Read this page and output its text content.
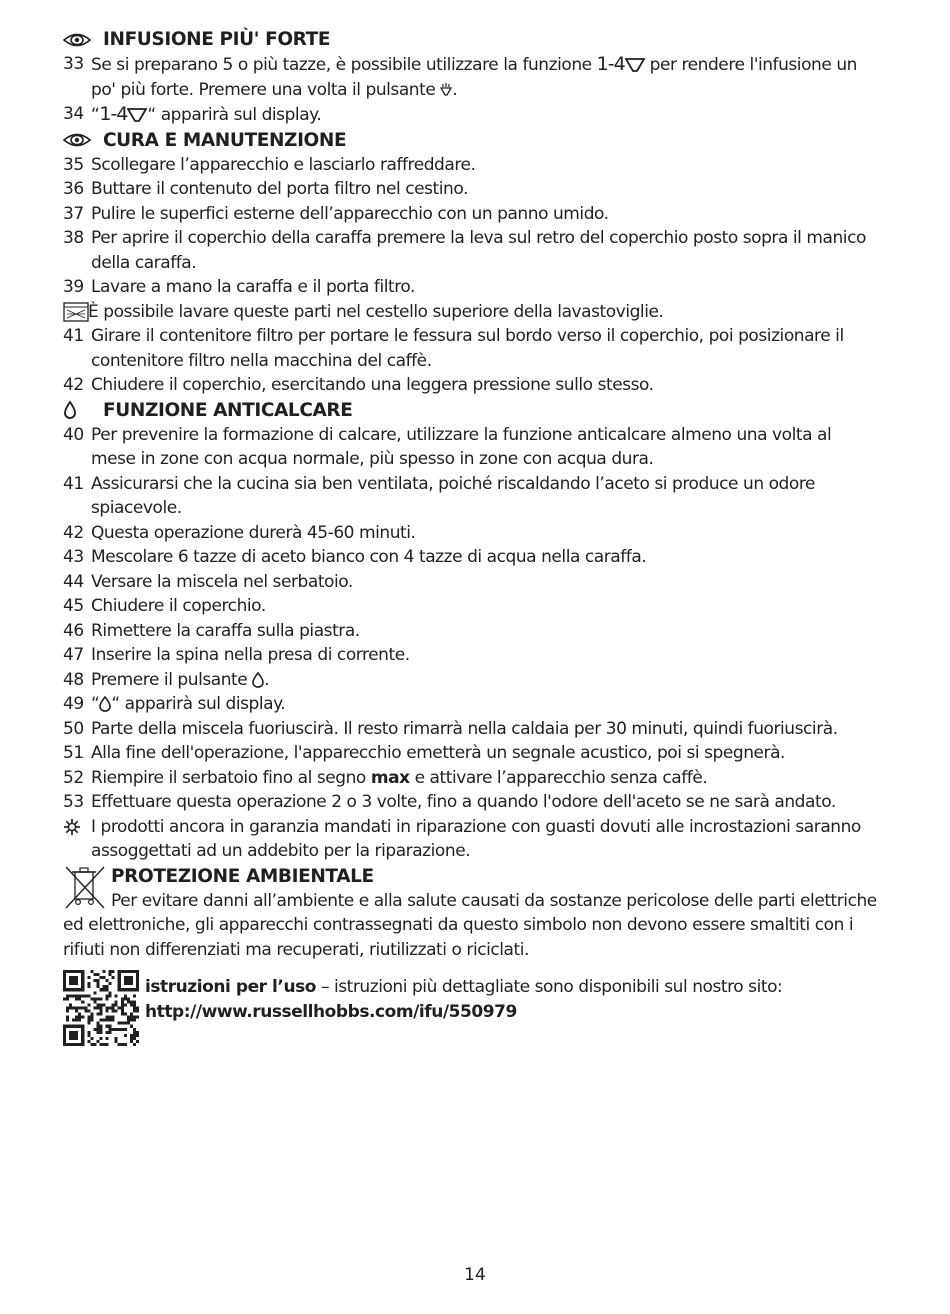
INFUSIONE PIÙ' FORTE
33 Se si preparano 5 o più tazze, è possibile utilizzare la funzione 1-4 per rendere l'infusione un po' più forte. Premere una volta il pulsante .
34 “1-4 “ apparirà sul display.
CURA E MANUTENZIONE
35 Scollegare l’apparecchio e lasciarlo raffreddare.
36 Buttare il contenuto del porta filtro nel cestino.
37 Pulire le superfici esterne dell’apparecchio con un panno umido.
38 Per aprire il coperchio della caraffa premere la leva sul retro del coperchio posto sopra il manico della caraffa.
39 Lavare a mano la caraffa e il porta filtro.
È possibile lavare queste parti nel cestello superiore della lavastoviglie.
41 Girare il contenitore filtro per portare le fessura sul bordo verso il coperchio, poi posizionare il contenitore filtro nella macchina del caffè.
42 Chiudere il coperchio, esercitando una leggera pressione sullo stesso.
FUNZIONE ANTICALCARE
40 Per prevenire la formazione di calcare, utilizzare la funzione anticalcare almeno una volta al mese in zone con acqua normale, più spesso in zone con acqua dura.
41 Assicurarsi che la cucina sia ben ventilata, poiché riscaldando l’aceto si produce un odore spiacevole.
42 Questa operazione durerà 45-60 minuti.
43 Mescolare 6 tazze di aceto bianco con 4 tazze di acqua nella caraffa.
44 Versare la miscela nel serbatoio.
45 Chiudere il coperchio.
46 Rimettere la caraffa sulla piastra.
47 Inserire la spina nella presa di corrente.
48 Premere il pulsante .
49 “ “ apparirà sul display.
50 Parte della miscela fuoriuscirà. Il resto rimarrà nella caldaia per 30 minuti, quindi fuoriuscirà.
51 Alla fine dell'operazione, l'apparecchio emetterà un segnale acustico, poi si spegnerà.
52 Riempire il serbatoio fino al segno max e attivare l’apparecchio senza caffè.
53 Effettuare questa operazione 2 o 3 volte, fino a quando l'odore dell'aceto se ne sarà andato.
I prodotti ancora in garanzia mandati in riparazione con guasti dovuti alle incrostazioni saranno assoggettati ad un addebito per la riparazione.
PROTEZIONE AMBIENTALE
Per evitare danni all’ambiente e alla salute causati da sostanze pericolose delle parti elettriche ed elettroniche, gli apparecchi contrassegnati da questo simbolo non devono essere smaltiti con i rifiuti non differenziati ma recuperati, riutilizzati o riciclati.
istruzioni per l’uso – istruzioni più dettagliate sono disponibili sul nostro sito:
http://www.russellhobbs.com/ifu/550979
14
